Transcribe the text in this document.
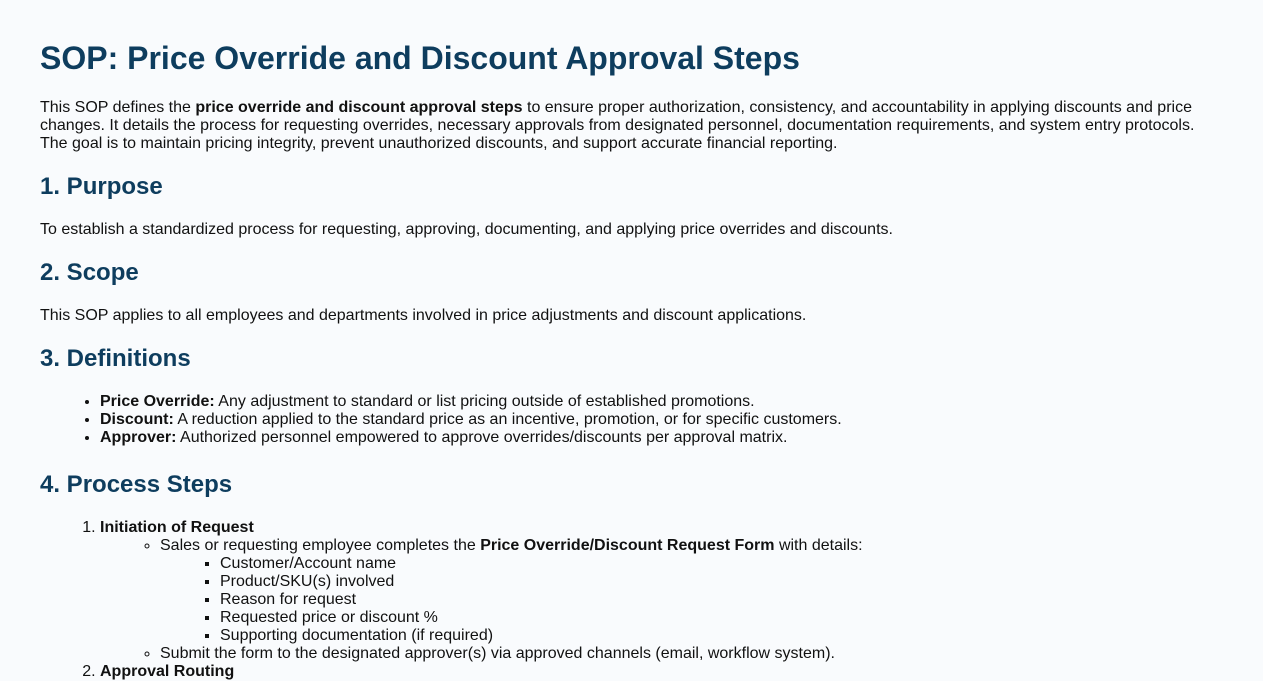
SOP: Price Override and Discount Approval Steps

This SOP defines the price override and discount approval steps to ensure proper authorization, consistency, and accountability in applying discounts and price changes. It details the process for requesting overrides, necessary approvals from designated personnel, documentation requirements, and system entry protocols. The goal is to maintain pricing integrity, prevent unauthorized discounts, and support accurate financial reporting.

1. Purpose

To establish a standardized process for requesting, approving, documenting, and applying price overrides and discounts.

2. Scope

This SOP applies to all employees and departments involved in price adjustments and discount applications.

3. Definitions
• Price Override: Any adjustment to standard or list pricing outside of established promotions.
• Discount: A reduction applied to the standard price as an incentive, promotion, or for specific customers.
• Approver: Authorized personnel empowered to approve overrides/discounts per approval matrix.
4. Process Steps
1. Initiation of Request
◦ Sales or requesting employee completes the Price Override/Discount Request Form with details:
▪ Customer/Account name
▪ Product/SKU(s) involved
▪ Reason for request
▪ Requested price or discount %
▪ Supporting documentation (if required)
◦ Submit the form to the designated approver(s) via approved channels (email, workflow system).
2. Approval Routing
